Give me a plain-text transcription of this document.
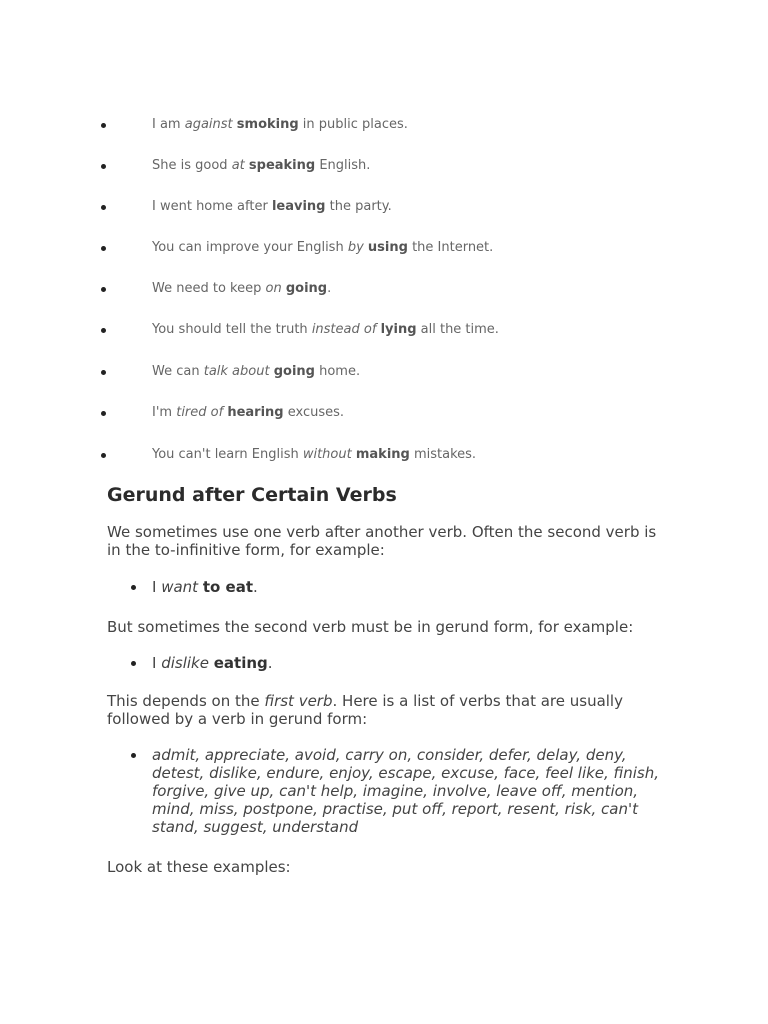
I am against smoking in public places.
She is good at speaking English.
I went home after leaving the party.
You can improve your English by using the Internet.
We need to keep on going.
You should tell the truth instead of lying all the time.
We can talk about going home.
I'm tired of hearing excuses.
You can't learn English without making mistakes.
Gerund after Certain Verbs

We sometimes use one verb after another verb. Often the second verb is in the to-infinitive form, for example:

I want to eat.

But sometimes the second verb must be in gerund form, for example:

I dislike eating.

This depends on the first verb. Here is a list of verbs that are usually followed by a verb in gerund form:

admit, appreciate, avoid, carry on, consider, defer, delay, deny, detest, dislike, endure, enjoy, escape, excuse, face, feel like, finish, forgive, give up, can't help, imagine, involve, leave off, mention, mind, miss, postpone, practise, put off, report, resent, risk, can't stand, suggest, understand

Look at these examples:
